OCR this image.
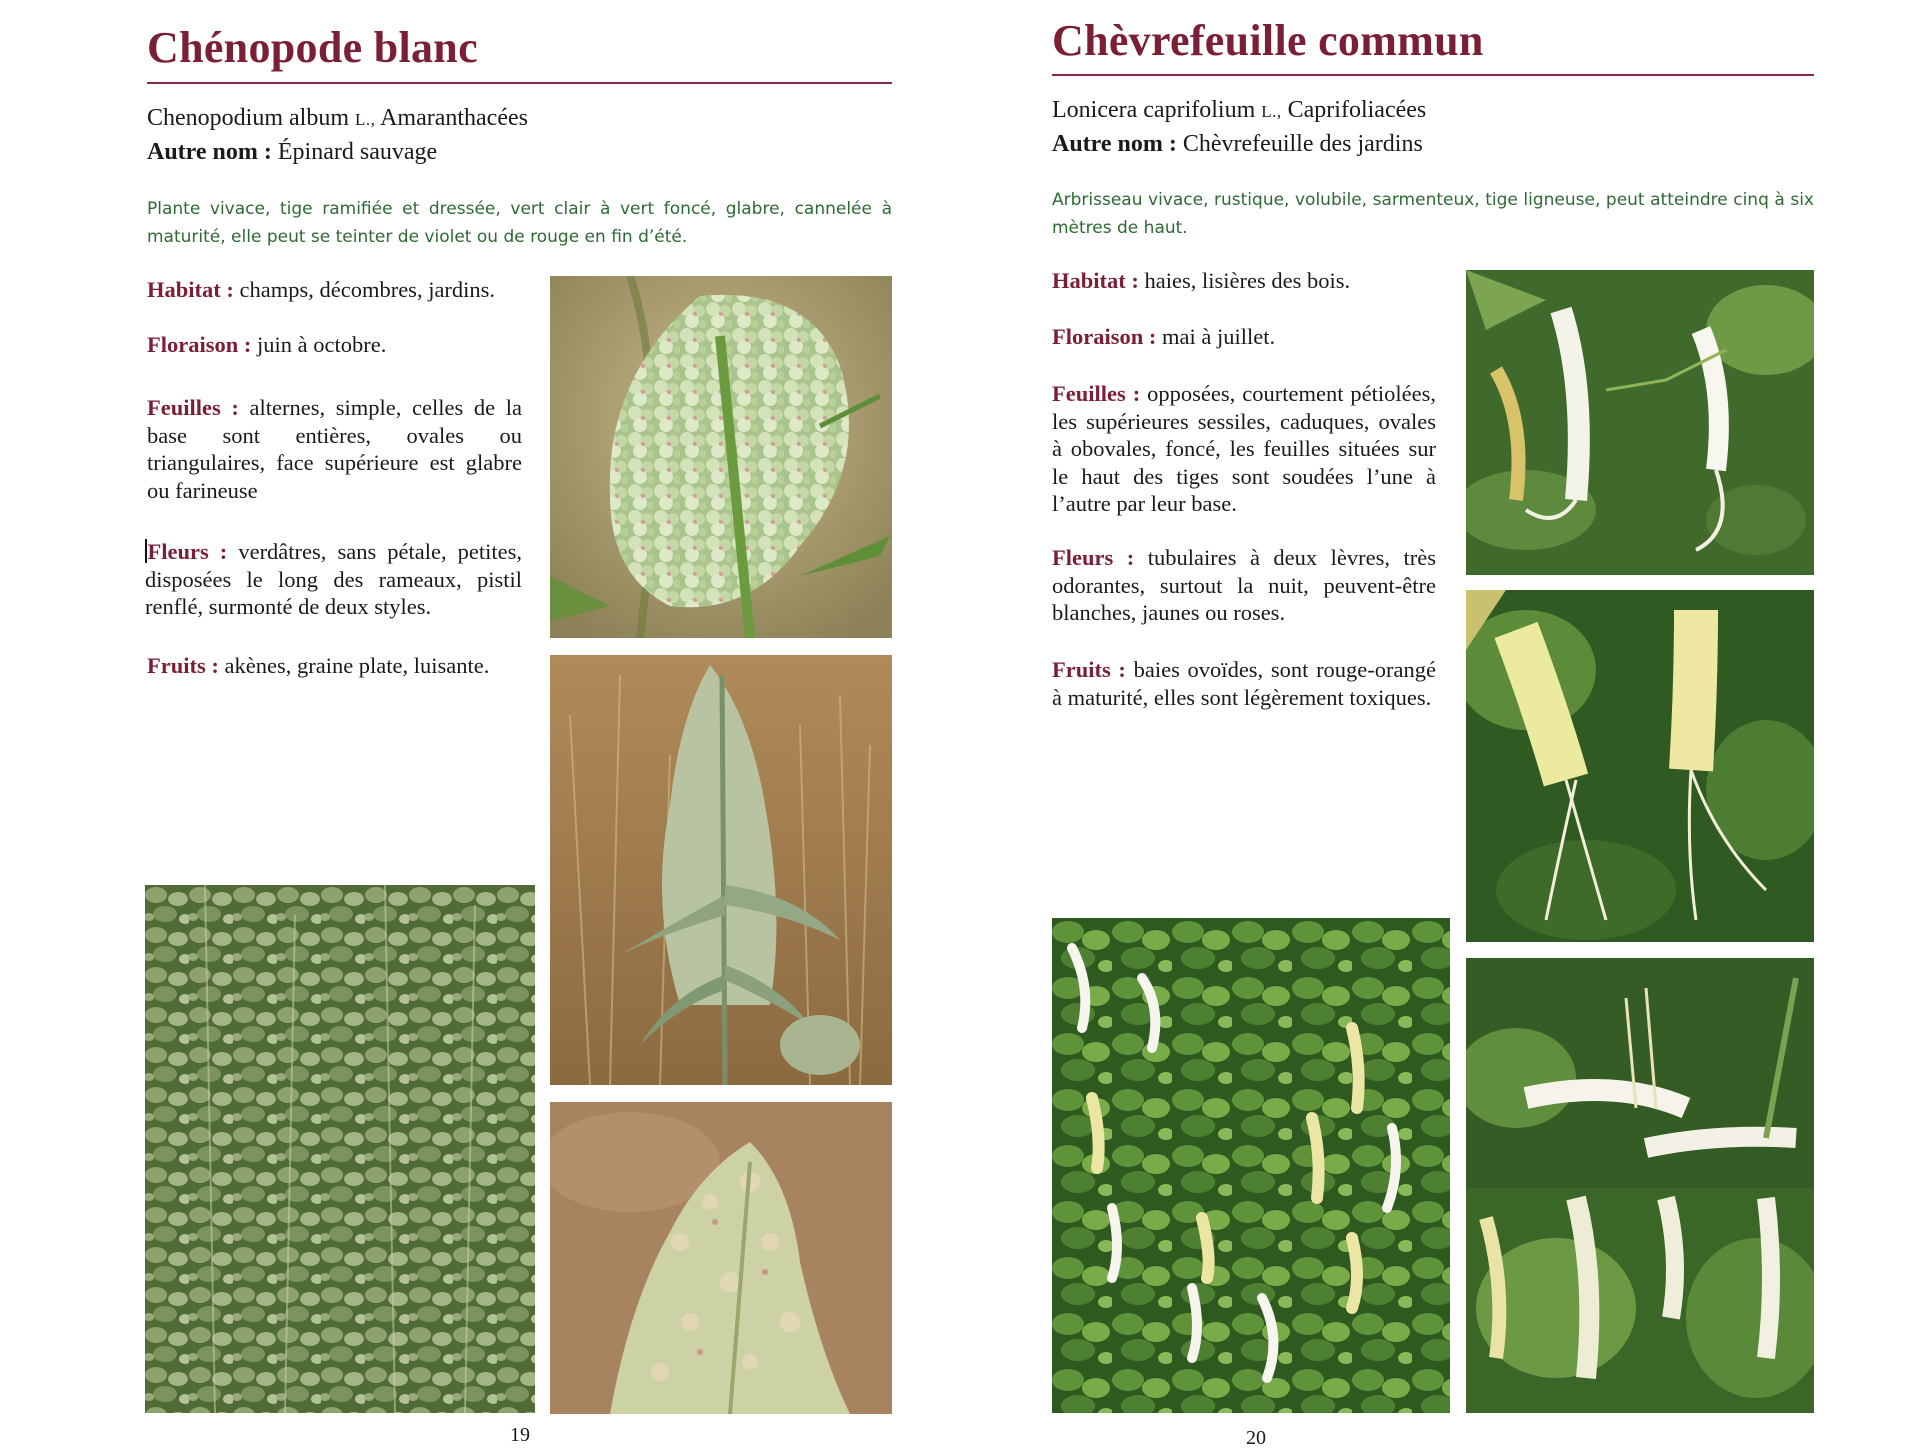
Chénopode blanc
Chenopodium album L., Amaranthacées
Autre nom : Épinard sauvage

Plante vivace, tige ramifiée et dressée, vert clair à vert foncé, glabre, cannelée à maturité, elle peut se teinter de violet ou de rouge en fin d’été.

Habitat : champs, décombres, jardins.

Floraison : juin à octobre.

Feuilles : alternes, simple, celles de la base sont entières, ovales ou triangulaires, face supérieure est glabre ou farineuse

Fleurs : verdâtres, sans pétale, petites, disposées le long des rameaux, pistil renflé, surmonté de deux styles.

Fruits : akènes, graine plate, luisante.

19
Chèvrefeuille commun
Lonicera caprifolium L., Caprifoliacées
Autre nom : Chèvrefeuille des jardins

Arbrisseau vivace, rustique, volubile, sarmenteux, tige ligneuse, peut atteindre cinq à six mètres de haut.

Habitat : haies, lisières des bois.

Floraison : mai à juillet.

Feuilles : opposées, courtement pétiolées, les supérieures sessiles, caduques, ovales à obovales, foncé, les feuilles situées sur le haut des tiges sont soudées l’une à l’autre par leur base.

Fleurs : tubulaires à deux lèvres, très odorantes, surtout la nuit, peuvent-être blanches, jaunes ou roses.

Fruits : baies ovoïdes, sont rouge-orangé à maturité, elles sont légèrement toxiques.

20
